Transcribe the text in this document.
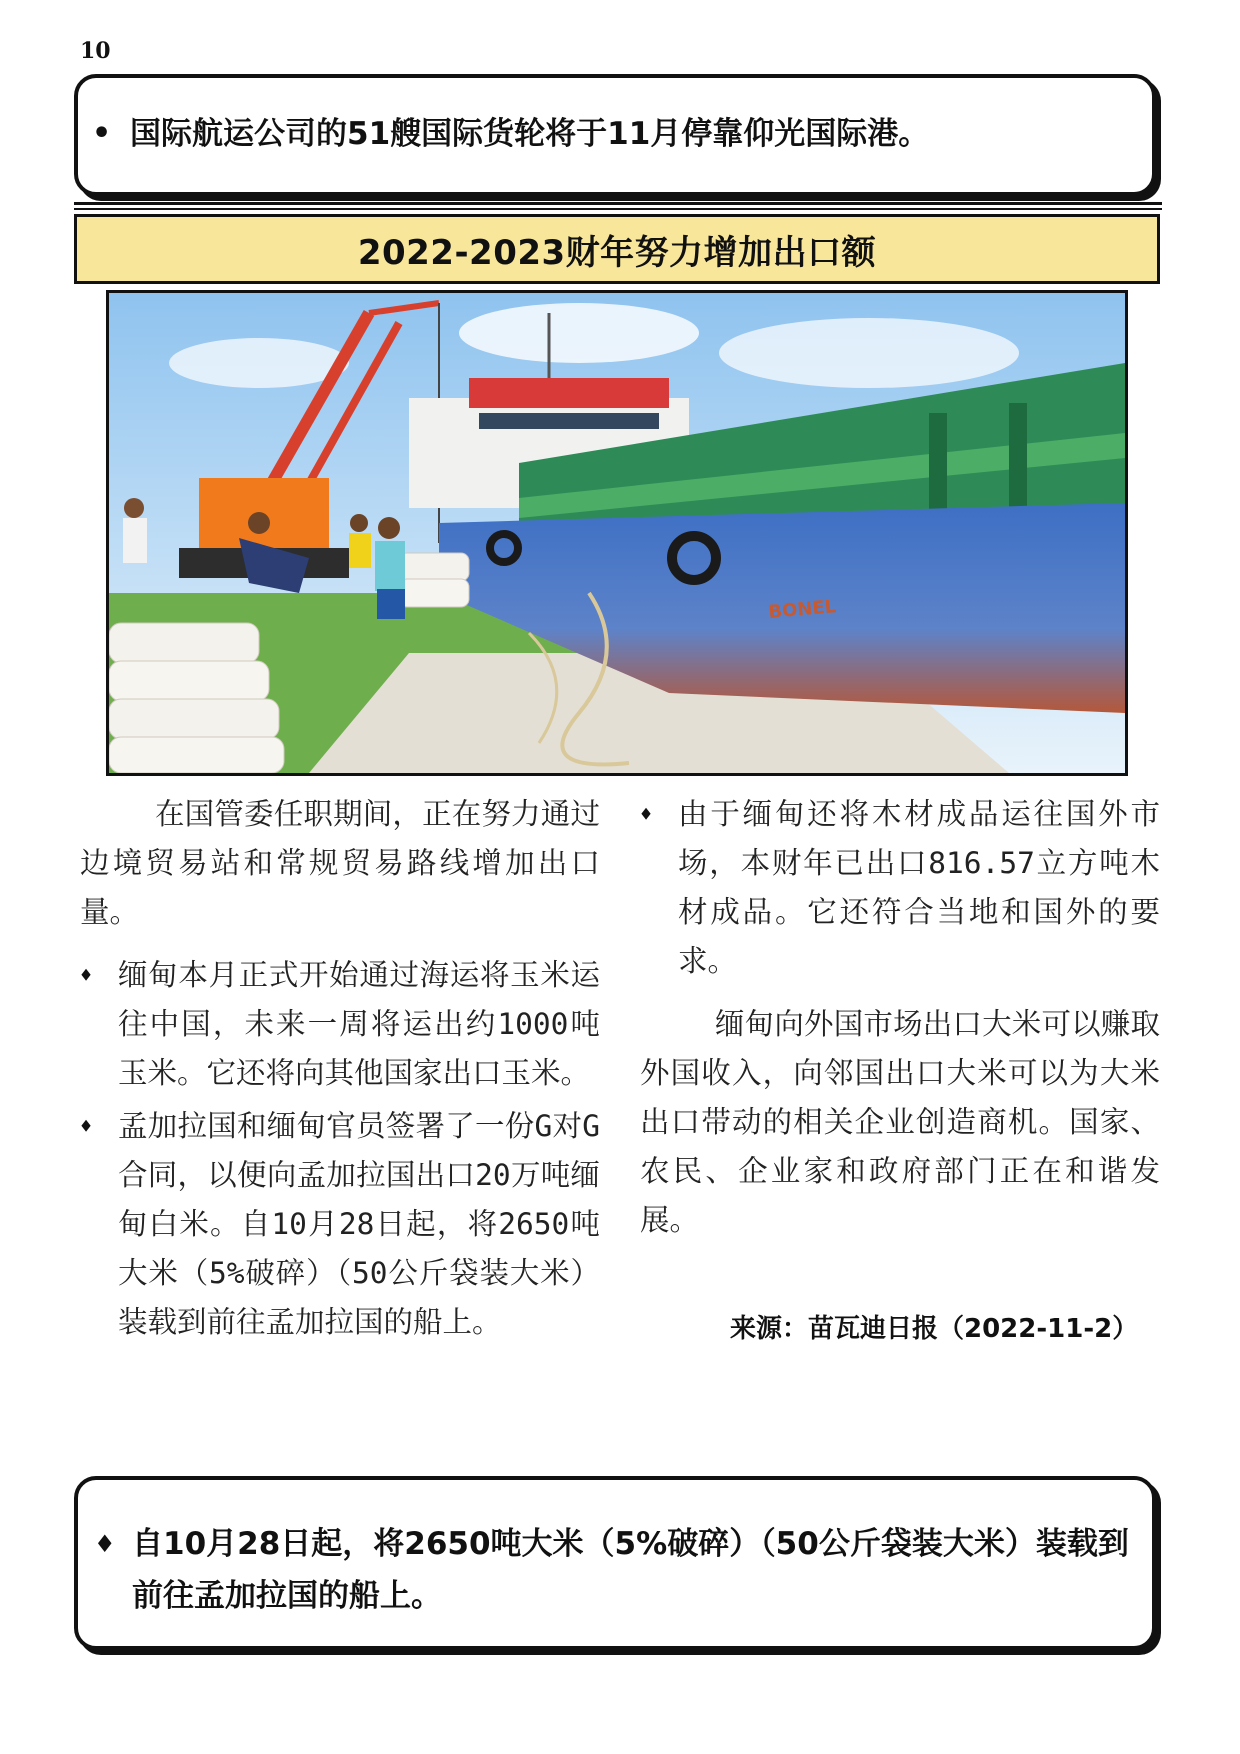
10
• 国际航运公司的51艘国际货轮将于11月停靠仰光国际港。
2022-2023财年努力增加出口额
BONEL

在国管委任职期间，正在努力通过边境贸易站和常规贸易路线增加出口量。

♦ 缅甸本月正式开始通过海运将玉米运往中国，未来一周将运出约1000吨玉米。它还将向其他国家出口玉米。
♦ 孟加拉国和缅甸官员签署了一份G对G合同，以便向孟加拉国出口20万吨缅甸白米。自10月28日起，将2650吨大米（5%破碎）（50公斤袋装大米）装载到前往孟加拉国的船上。
♦ 由于缅甸还将木材成品运往国外市场，本财年已出口816.57立方吨木材成品。它还符合当地和国外的要求。

缅甸向外国市场出口大米可以赚取外国收入，向邻国出口大米可以为大米出口带动的相关企业创造商机。国家、农民、企业家和政府部门正在和谐发展。

来源：苗瓦迪日报（2022-11-2）
♦ 自10月28日起，将2650吨大米（5%破碎）（50公斤袋装大米）装载到前往孟加拉国的船上。
